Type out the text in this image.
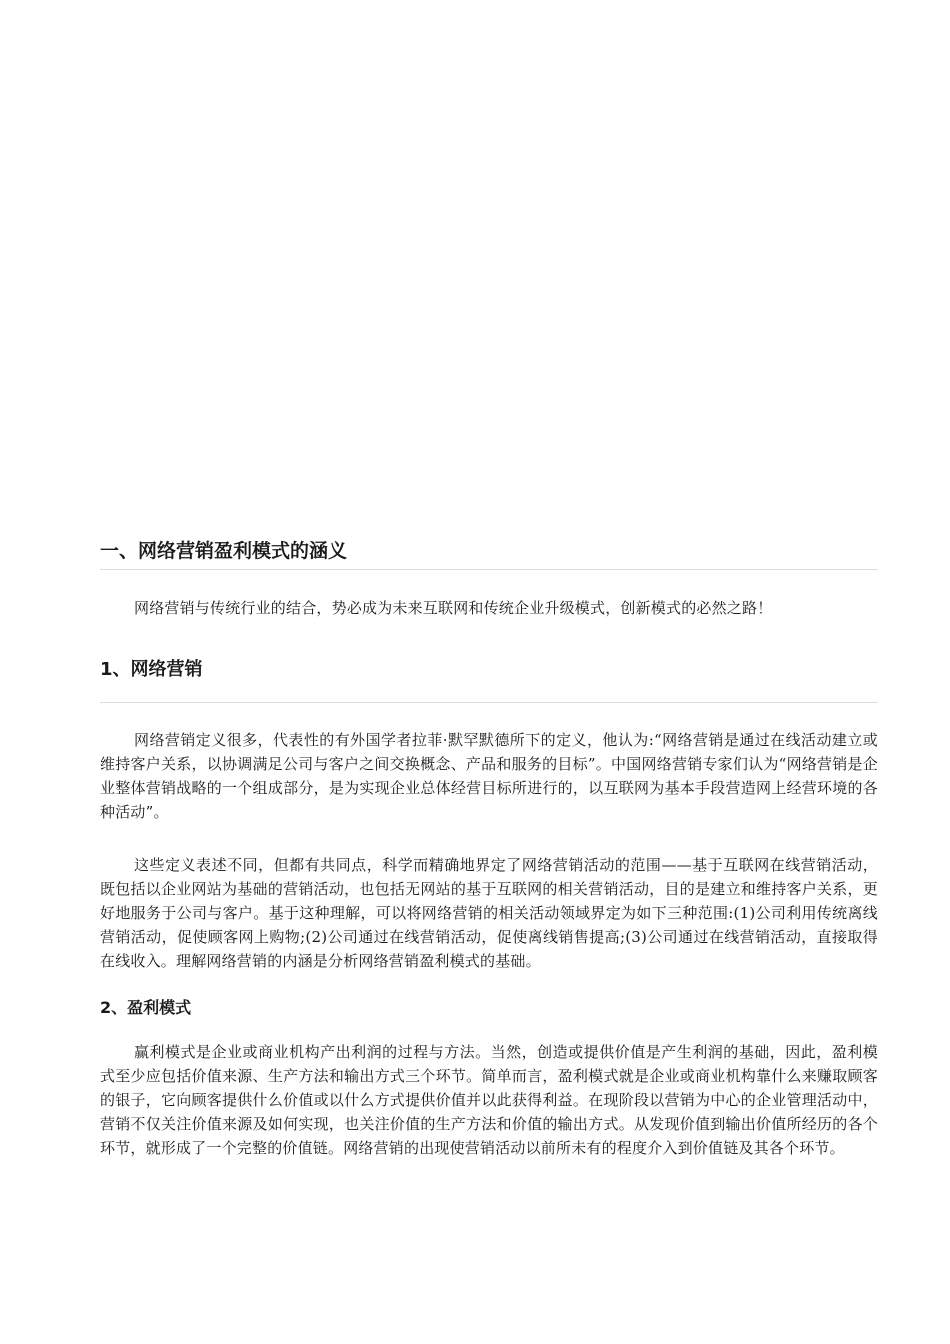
一、网络营销盈利模式的涵义

网络营销与传统行业的结合，势必成为未来互联网和传统企业升级模式，创新模式的必然之路！

1、网络营销

网络营销定义很多，代表性的有外国学者拉菲·默罕默德所下的定义，他认为:“网络营销是通过在线活动建立或维持客户关系，以协调满足公司与客户之间交换概念、产品和服务的目标”。中国网络营销专家们认为“网络营销是企业整体营销战略的一个组成部分，是为实现企业总体经营目标所进行的，以互联网为基本手段营造网上经营环境的各种活动”。

这些定义表述不同，但都有共同点，科学而精确地界定了网络营销活动的范围——基于互联网在线营销活动，既包括以企业网站为基础的营销活动，也包括无网站的基于互联网的相关营销活动，目的是建立和维持客户关系，更好地服务于公司与客户。基于这种理解，可以将网络营销的相关活动领域界定为如下三种范围:(1)公司利用传统离线营销活动，促使顾客网上购物;(2)公司通过在线营销活动，促使离线销售提高;(3)公司通过在线营销活动，直接取得在线收入。理解网络营销的内涵是分析网络营销盈利模式的基础。

2、盈利模式

赢利模式是企业或商业机构产出利润的过程与方法。当然，创造或提供价值是产生利润的基础，因此，盈利模式至少应包括价值来源、生产方法和输出方式三个环节。简单而言，盈利模式就是企业或商业机构靠什么来赚取顾客的银子，它向顾客提供什么价值或以什么方式提供价值并以此获得利益。在现阶段以营销为中心的企业管理活动中，营销不仅关注价值来源及如何实现，也关注价值的生产方法和价值的输出方式。从发现价值到输出价值所经历的各个环节，就形成了一个完整的价值链。网络营销的出现使营销活动以前所未有的程度介入到价值链及其各个环节。
